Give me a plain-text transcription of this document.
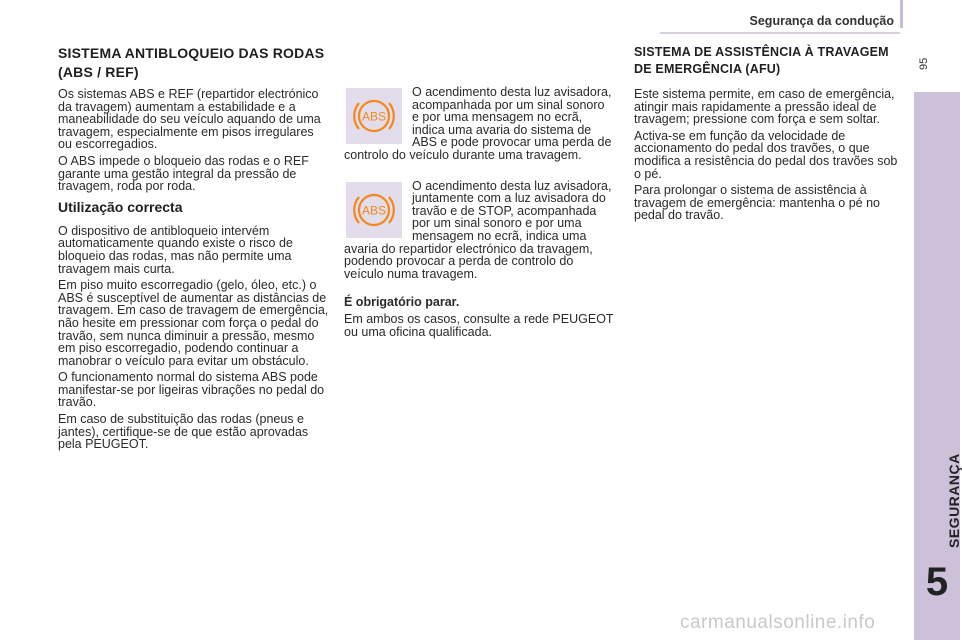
Segurança da condução
95
SEGURANÇA
5
carmanualsonline.info
SISTEMA ANTIBLOQUEIO DAS RODAS (ABS / REF)

Os sistemas ABS e REF (repartidor electrónico da travagem) aumentam a estabilidade e a maneabilidade do seu veículo aquando de uma travagem, especialmente em pisos irregulares ou escorregadios.

O ABS impede o bloqueio das rodas e o REF garante uma gestão integral da pressão de travagem, roda por roda.

Utilização correcta

O dispositivo de antibloqueio intervém automaticamente quando existe o risco de bloqueio das rodas, mas não permite uma travagem mais curta.

Em piso muito escorregadio (gelo, óleo, etc.) o ABS é susceptível de aumentar as distâncias de travagem. Em caso de travagem de emergência, não hesite em pressionar com força o pedal do travão, sem nunca diminuir a pressão, mesmo em piso escorregadio, podendo continuar a manobrar o veículo para evitar um obstáculo.

O funcionamento normal do sistema ABS pode manifestar-se por ligeiras vibrações no pedal do travão.

Em caso de substituição das rodas (pneus e jantes), certifique-se de que estão aprovadas pela PEUGEOT.

ABS

O acendimento desta luz avisadora, acompanhada por um sinal sonoro e por uma mensagem no ecrã, indica uma avaria do sistema de ABS e pode provocar uma perda de controlo do veículo durante uma travagem.

ABS

O acendimento desta luz avisadora, juntamente com a luz avisadora do travão e de STOP, acompanhada por um sinal sonoro e por uma mensagem no ecrã, indica uma avaria do repartidor electrónico da travagem, podendo provocar a perda de controlo do veículo numa travagem.

É obrigatório parar.

Em ambos os casos, consulte a rede PEUGEOT ou uma oficina qualificada.

SISTEMA DE ASSISTÊNCIA À TRAVAGEM DE EMERGÊNCIA (AFU)

Este sistema permite, em caso de emergência, atingir mais rapidamente a pressão ideal de travagem; pressione com força e sem soltar.

Activa-se em função da velocidade de accionamento do pedal dos travões, o que modifica a resistência do pedal dos travões sob o pé.

Para prolongar o sistema de assistência à travagem de emergência: mantenha o pé no pedal do travão.
